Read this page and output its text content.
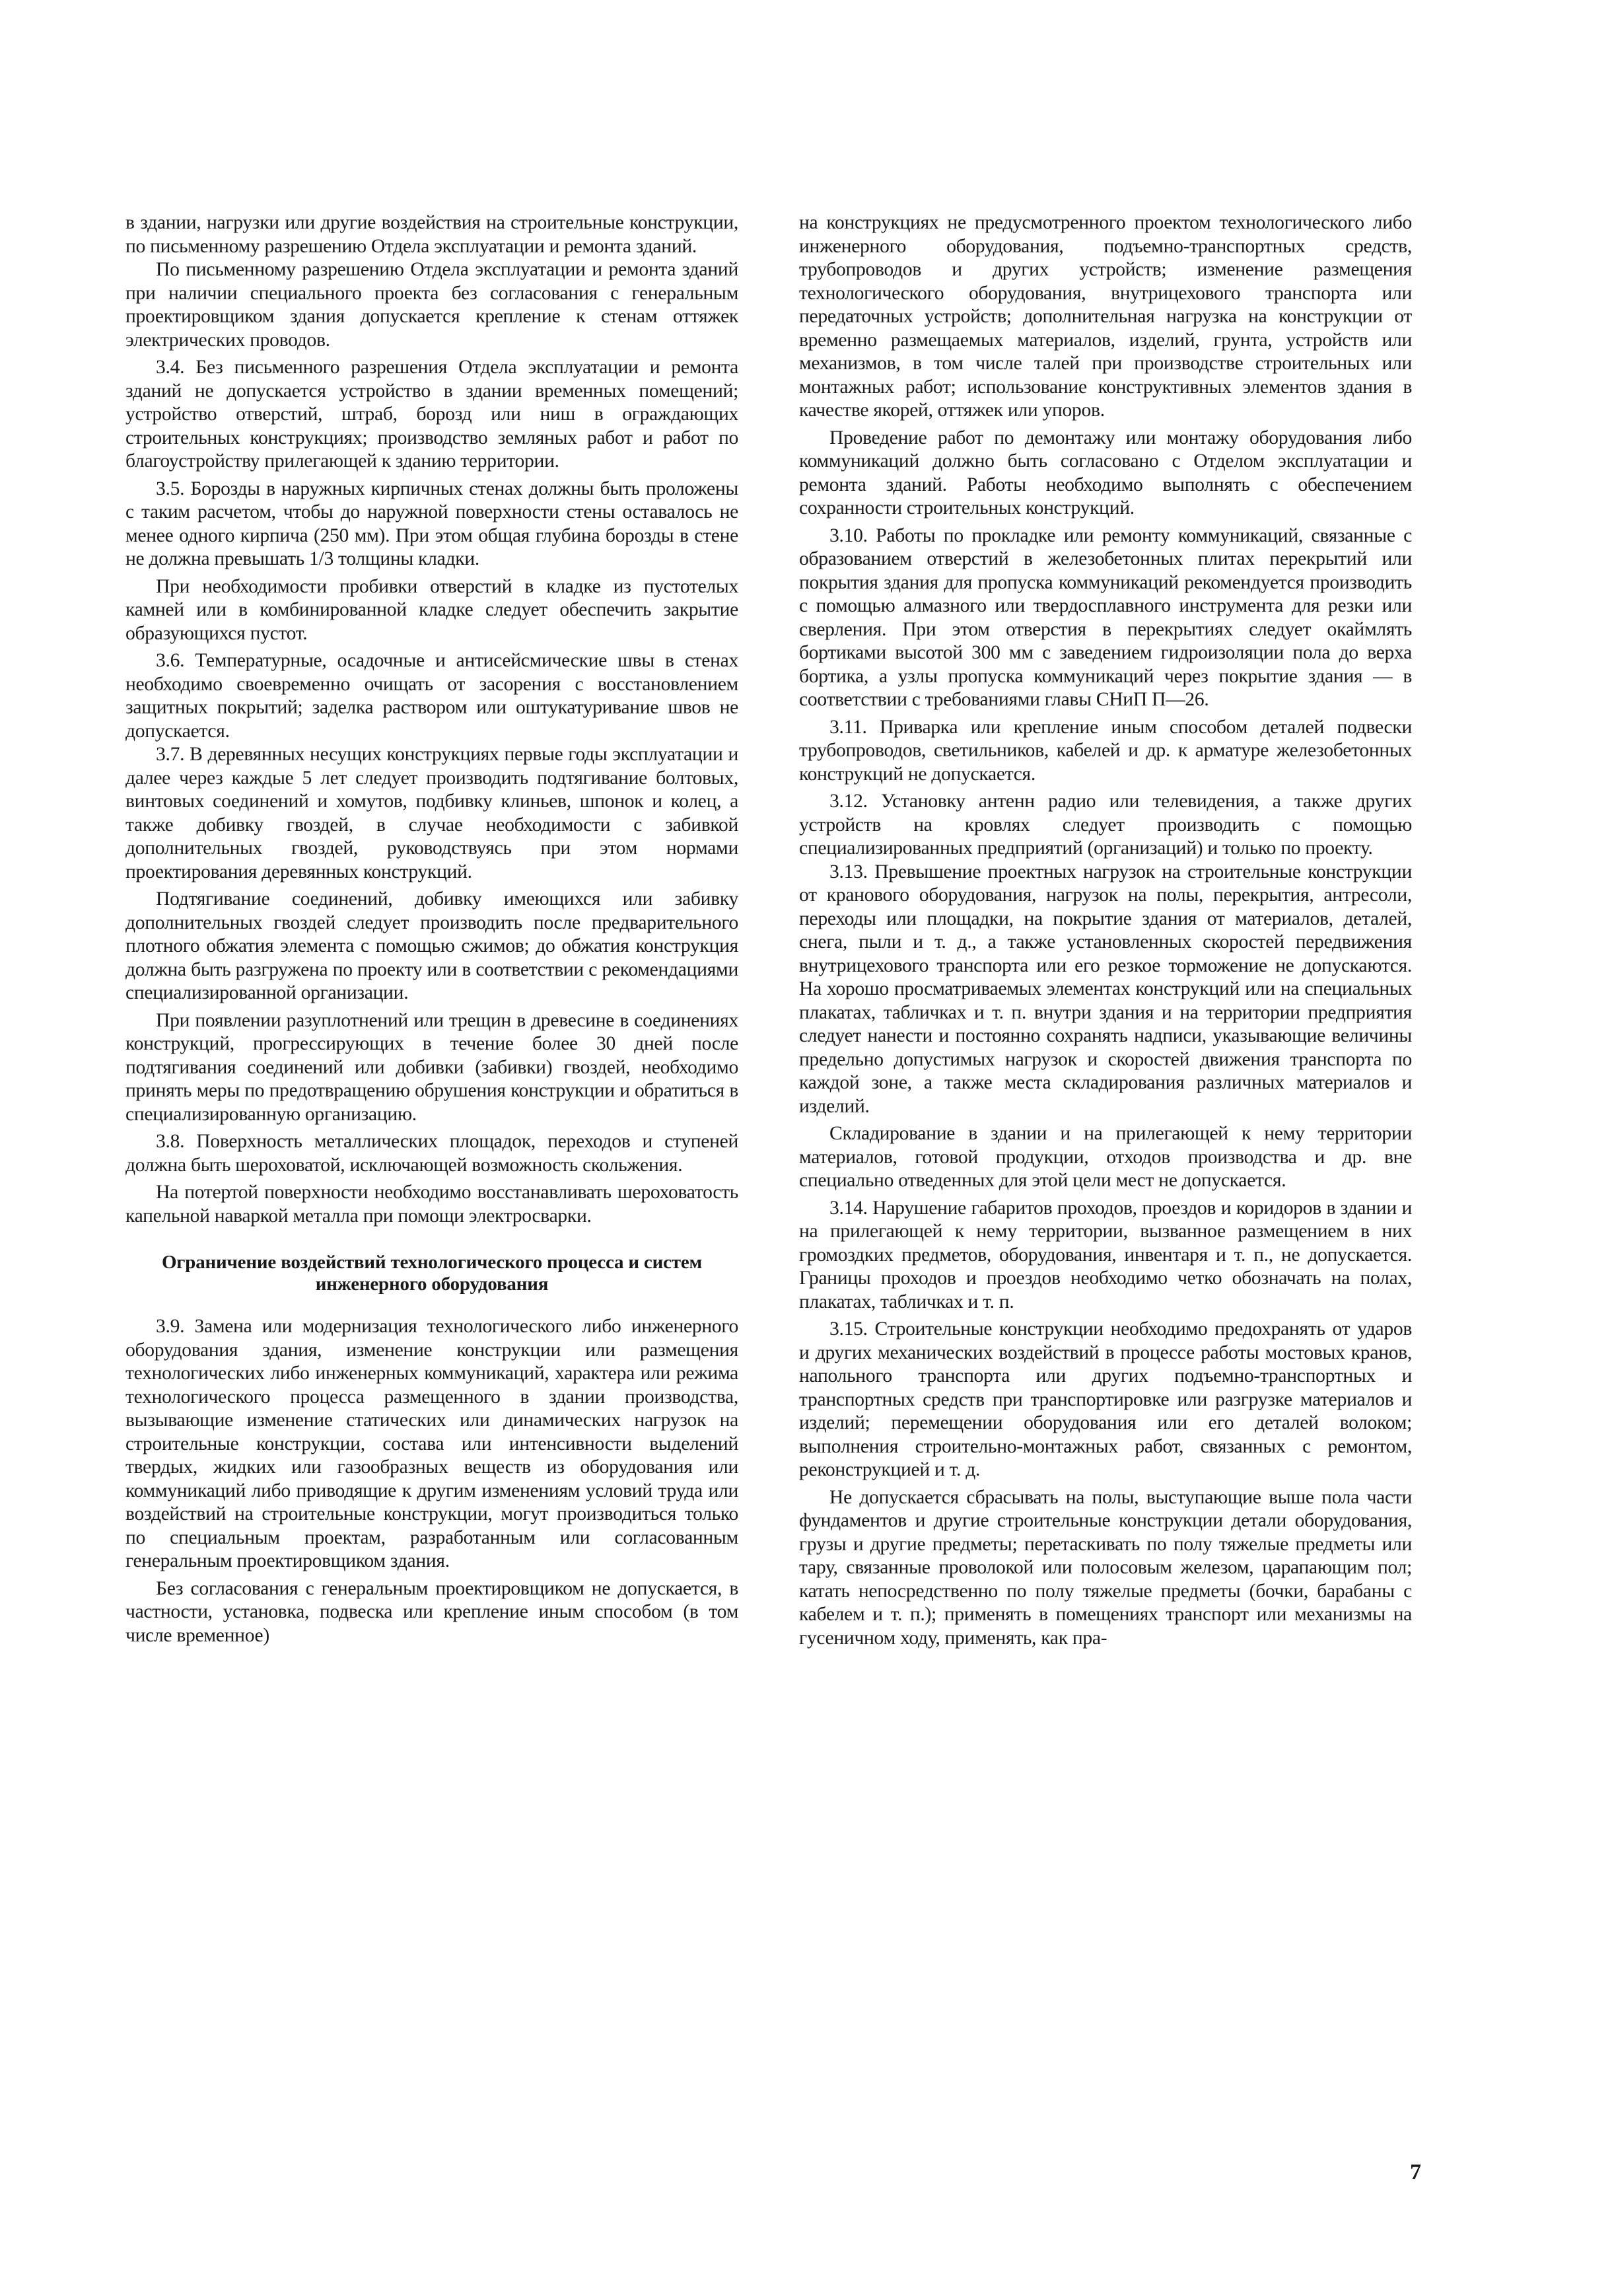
в здании, нагрузки или другие воздействия на строительные конструкции, по письменному разрешению Отдела эксплуатации и ремонта зданий.

По письменному разрешению Отдела эксплуатации и ремонта зданий при наличии специального проекта без согласования с генеральным проектировщиком здания допускается крепление к стенам оттяжек электрических проводов.

3.4. Без письменного разрешения Отдела эксплуатации и ремонта зданий не допускается устройство в здании временных помещений; устройство отверстий, штраб, борозд или ниш в ограждающих строительных конструкциях; производство земляных работ и работ по благоустройству прилегающей к зданию территории.

3.5. Борозды в наружных кирпичных стенах должны быть проложены с таким расчетом, чтобы до наружной поверхности стены оставалось не менее одного кирпича (250 мм). При этом общая глубина борозды в стене не должна превышать 1/3 толщины кладки.

При необходимости пробивки отверстий в кладке из пустотелых камней или в комбинированной кладке следует обеспечить закрытие образующихся пустот.

3.6. Температурные, осадочные и антисейсмические швы в стенах необходимо своевременно очищать от засорения с восстановлением защитных покрытий; заделка раствором или оштукатуривание швов не допускается.

3.7. В деревянных несущих конструкциях первые годы эксплуатации и далее через каждые 5 лет следует производить подтягивание болтовых, винтовых соединений и хомутов, подбивку клиньев, шпонок и колец, а также добивку гвоздей, в случае необходимости с забивкой дополнительных гвоздей, руководствуясь при этом нормами проектирования деревянных конструкций.

Подтягивание соединений, добивку имеющихся или забивку дополнительных гвоздей следует производить после предварительного плотного обжатия элемента с помощью сжимов; до обжатия конструкция должна быть разгружена по проекту или в соответствии с рекомендациями специализированной организации.

При появлении разуплотнений или трещин в древесине в соединениях конструкций, прогрессирующих в течение более 30 дней после подтягивания соединений или добивки (забивки) гвоздей, необходимо принять меры по предотвращению обрушения конструкции и обратиться в специализированную организацию.

3.8. Поверхность металлических площадок, переходов и ступеней должна быть шероховатой, исключающей возможность скольжения.

На потертой поверхности необходимо восстанавливать шероховатость капельной наваркой металла при помощи электросварки.

Ограничение воздействий технологического процесса и систем инженерного оборудования

3.9. Замена или модернизация технологического либо инженерного оборудования здания, изменение конструкции или размещения технологических либо инженерных коммуникаций, характера или режима технологического процесса размещенного в здании производства, вызывающие изменение статических или динамических нагрузок на строительные конструкции, состава или интенсивности выделений твердых, жидких или газообразных веществ из оборудования или коммуникаций либо приводящие к другим изменениям условий труда или воздействий на строительные конструкции, могут производиться только по специальным проектам, разработанным или согласованным генеральным проектировщиком здания.

Без согласования с генеральным проектировщиком не допускается, в частности, установка, подвеска или крепление иным способом (в том числе временное)

на конструкциях не предусмотренного проектом технологического либо инженерного оборудования, подъемно-транспортных средств, трубопроводов и других устройств; изменение размещения технологического оборудования, внутрицехового транспорта или передаточных устройств; дополнительная нагрузка на конструкции от временно размещаемых материалов, изделий, грунта, устройств или механизмов, в том числе талей при производстве строительных или монтажных работ; использование конструктивных элементов здания в качестве якорей, оттяжек или упоров.

Проведение работ по демонтажу или монтажу оборудования либо коммуникаций должно быть согласовано с Отделом эксплуатации и ремонта зданий. Работы необходимо выполнять с обеспечением сохранности строительных конструкций.

3.10. Работы по прокладке или ремонту коммуникаций, связанные с образованием отверстий в железобетонных плитах перекрытий или покрытия здания для пропуска коммуникаций рекомендуется производить с помощью алмазного или твердосплавного инструмента для резки или сверления. При этом отверстия в перекрытиях следует окаймлять бортиками высотой 300 мм с заведением гидроизоляции пола до верха бортика, а узлы пропуска коммуникаций через покрытие здания — в соответствии с требованиями главы СНиП П—26.

3.11. Приварка или крепление иным способом деталей подвески трубопроводов, светильников, кабелей и др. к арматуре железобетонных конструкций не допускается.

3.12. Установку антенн радио или телевидения, а также других устройств на кровлях следует производить с помощью специализированных предприятий (организаций) и только по проекту.

3.13. Превышение проектных нагрузок на строительные конструкции от кранового оборудования, нагрузок на полы, перекрытия, антресоли, переходы или площадки, на покрытие здания от материалов, деталей, снега, пыли и т. д., а также установленных скоростей передвижения внутрицехового транспорта или его резкое торможение не допускаются. На хорошо просматриваемых элементах конструкций или на специальных плакатах, табличках и т. п. внутри здания и на территории предприятия следует нанести и постоянно сохранять надписи, указывающие величины предельно допустимых нагрузок и скоростей движения транспорта по каждой зоне, а также места складирования различных материалов и изделий.

Складирование в здании и на прилегающей к нему территории материалов, готовой продукции, отходов производства и др. вне специально отведенных для этой цели мест не допускается.

3.14. Нарушение габаритов проходов, проездов и коридоров в здании и на прилегающей к нему территории, вызванное размещением в них громоздких предметов, оборудования, инвентаря и т. п., не допускается. Границы проходов и проездов необходимо четко обозначать на полах, плакатах, табличках и т. п.

3.15. Строительные конструкции необходимо предохранять от ударов и других механических воздействий в процессе работы мостовых кранов, напольного транспорта или других подъемно-транспортных и транспортных средств при транспортировке или разгрузке материалов и изделий; перемещении оборудования или его деталей волоком; выполнения строительно-монтажных работ, связанных с ремонтом, реконструкцией и т. д.

Не допускается сбрасывать на полы, выступающие выше пола части фундаментов и другие строительные конструкции детали оборудования, грузы и другие предметы; перетаскивать по полу тяжелые предметы или тару, связанные проволокой или полосовым железом, царапающим пол; катать непосредственно по полу тяжелые предметы (бочки, барабаны с кабелем и т. п.); применять в помещениях транспорт или механизмы на гусеничном ходу, применять, как пра-

7
